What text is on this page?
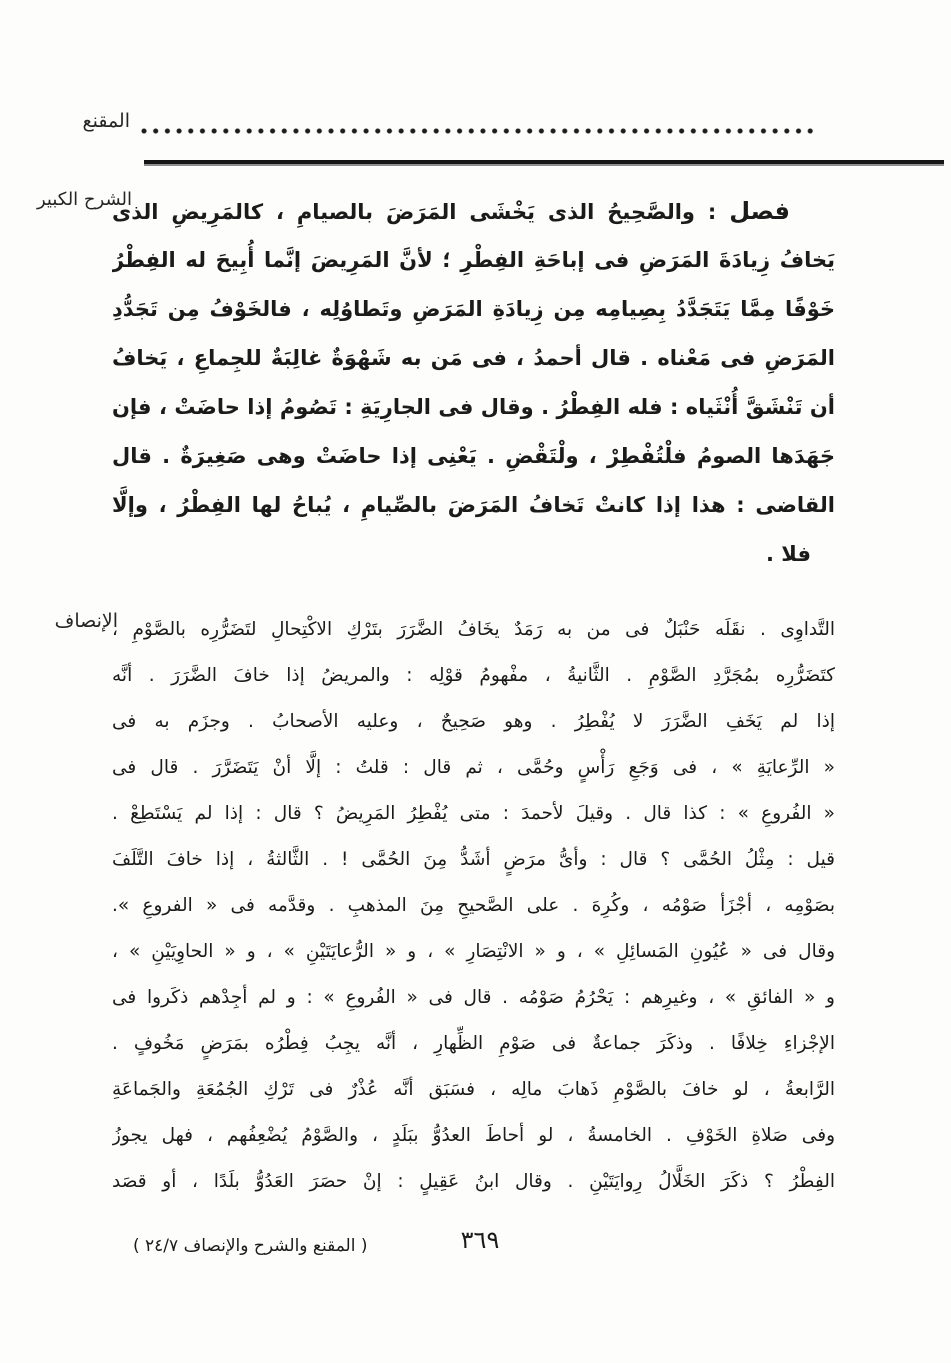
المقنع
الشرح الكبير	فصل : والصَّحِيحُ الذى يَخْشَى المَرَضَ بالصيامِ ، كالمَرِيضِ الذى
يَخافُ زِيادَةَ المَرَضِ فى إباحَةِ الفِطْرِ ؛ لأنَّ المَرِيضَ إنَّما أُبِيحَ له الفِطْرُ
خَوْفًا مِمَّا يَتَجَدَّدُ بِصِيامِه مِن زِيادَةِ المَرَضِ وتَطاوُلِه ، فالخَوْفُ مِن تَجَدُّدِ
المَرَضِ فى مَعْناه . قال أحمدُ ، فى مَن به شَهْوَةٌ غالِبَةٌ للجِماعِ ، يَخافُ
أن تَنْشَقَّ أُنْثَياه : فله الفِطْرُ . وقال فى الجارِيَةِ : تَصُومُ إذا حاضَتْ ، فإن
جَهَدَها الصومُ فلْتُفْطِرْ ، ولْتَقْضِ . يَعْنِى إذا حاضَتْ وهى صَغِيرَةٌ . قال
القاضى : هذا إذا كانتْ تَخافُ المَرَضَ بالصِّيامِ ، يُباحُ لها الفِطْرُ ، وإلَّا
فلا .
الإنصاف
التَّداوِى . نقَلَه حَنْبَلٌ فى من به رَمَدٌ يخَافُ الضَّرَرَ بتَرْكِ الاكْتِحالِ لتَضَرُّرِه بالصَّوْمِ ،
كتَضَرُّرِه بمُجَرَّدِ الصَّوْمِ . الثَّانيةُ ، مفْهومُ قوْلِه : والمريضُ إذا خافَ الضَّرَرَ . أنَّه
إذا لم يَخَفِ الضَّرَرَ لا يُفْطِرُ . وهو صَحِيحٌ ، وعليه الأصحابُ . وجزَم به فى
« الرِّعايَةِ » ، فى وَجَعِ رَأْسٍ وحُمَّى ، ثم قال : قلتُ : إلَّا أنْ يَتَضَرَّرَ . قال فى
« الفُروعِ » : كذا قال . وقيلَ لأحمدَ : متى يُفْطِرُ المَرِيضُ ؟ قال : إذا لم يَسْتَطِعْ .
قيل : مِثْلُ الحُمَّى ؟ قال : وأىُّ مرَضٍ أشَدُّ مِنَ الحُمَّى ! . الثَّالثةُ ، إذا خافَ التَّلَفَ
بصَوْمِه ، أجْزَأ صَوْمُه ، وكُرِهَ . على الصَّحيحِ مِنَ المذهبِ . وقدَّمه فى « الفروعِ ».
وقال فى « عُيُونِ المَسائِلِ » ، و « الانْتِصَارِ » ، و « الرُّعايَتَيْنِ » ، و « الحاوِيَيْنِ » ،
و « الفائقِ » ، وغيرِهم : يَحْرُمُ صَوْمُه . قال فى « الفُروعِ » : و لم أجِدْهم ذكَروا فى
الإجْزاءِ خِلافًا . وذكَرَ جماعةٌ فى صَوْمِ الظِّهارِ ، أنَّه يجِبُ فِطْرُه بمَرَضٍ مَخُوفٍ .
الرَّابعةُ ، لو خافَ بالصَّوْمِ ذَهابَ مالِه ، فسَبَق أنَّه عُذْرٌ فى تَرْكِ الجُمُعَةِ والجَماعَةِ
وفى صَلاةِ الخَوْفِ . الخامسةُ ، لو أحاطَ العدُوُّ ببَلَدٍ ، والصَّوْمُ يُضْعِفُهم ، فهل يجوزُ
الفِطْرُ ؟ ذكَرَ الخَلَّالُ رِوايَتَيْنِ . وقال ابنُ عَقِيلٍ : إنْ حصَرَ العَدُوُّ بلَدًا ، أو قصَد
٣٦٩
( المقنع والشرح والإنصاف ٢٤/٧ )
